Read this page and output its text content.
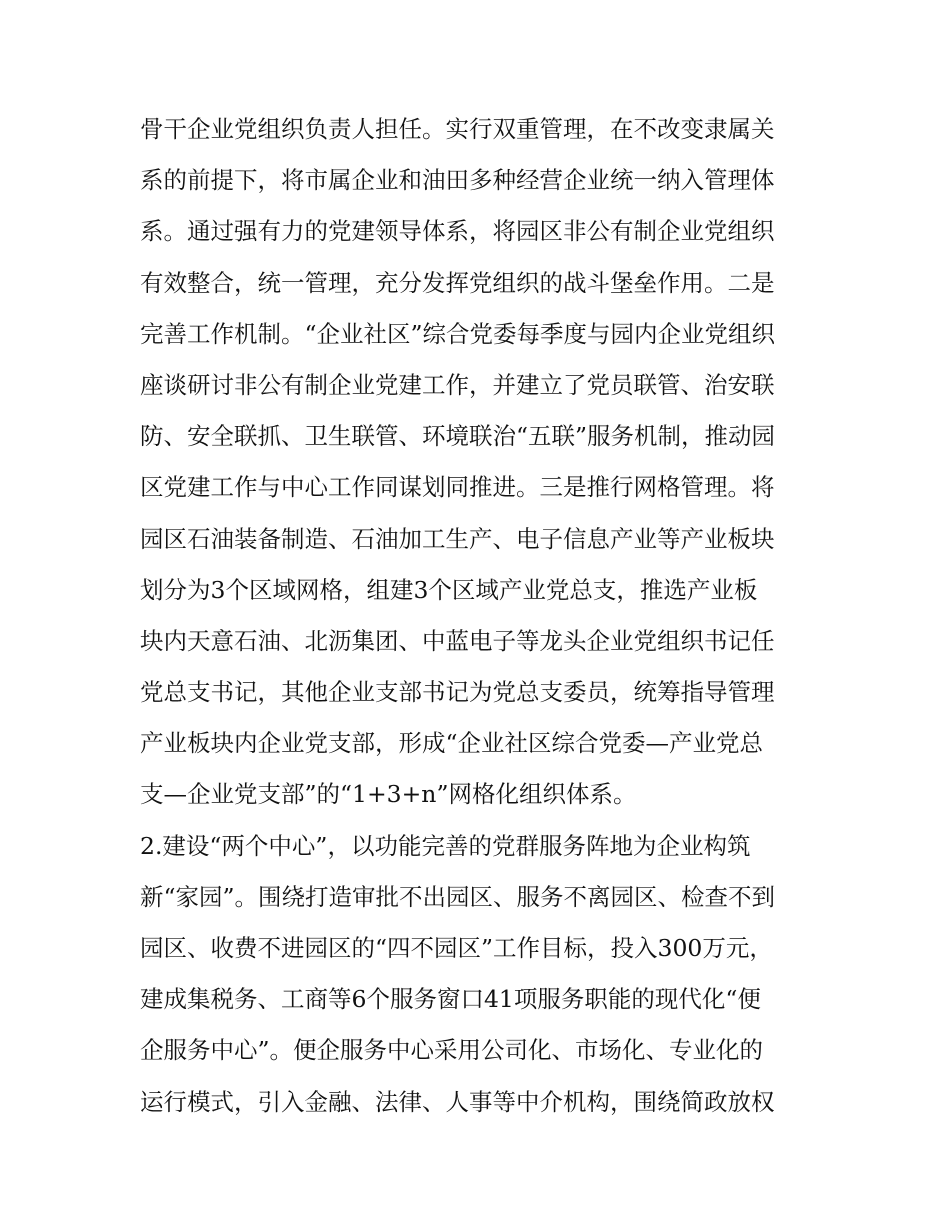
骨干企业党组织负责人担任。实行双重管理，在不改变隶属关
系的前提下，将市属企业和油田多种经营企业统一纳入管理体
系。通过强有力的党建领导体系，将园区非公有制企业党组织
有效整合，统一管理，充分发挥党组织的战斗堡垒作用。二是
完善工作机制。“企业社区”综合党委每季度与园内企业党组织
座谈研讨非公有制企业党建工作，并建立了党员联管、治安联
防、安全联抓、卫生联管、环境联治“五联”服务机制，推动园
区党建工作与中心工作同谋划同推进。三是推行网格管理。将
园区石油装备制造、石油加工生产、电子信息产业等产业板块
划分为3个区域网格，组建3个区域产业党总支，推选产业板
块内天意石油、北沥集团、中蓝电子等龙头企业党组织书记任
党总支书记，其他企业支部书记为党总支委员，统筹指导管理
产业板块内企业党支部，形成“企业社区综合党委—产业党总
支—企业党支部”的“1+3+n”网格化组织体系。
2.建设“两个中心”，以功能完善的党群服务阵地为企业构筑
新“家园”。围绕打造审批不出园区、服务不离园区、检查不到
园区、收费不进园区的“四不园区”工作目标，投入300万元，
建成集税务、工商等6个服务窗口41项服务职能的现代化“便
企服务中心”。便企服务中心采用公司化、市场化、专业化的
运行模式，引入金融、法律、人事等中介机构，围绕简政放权
